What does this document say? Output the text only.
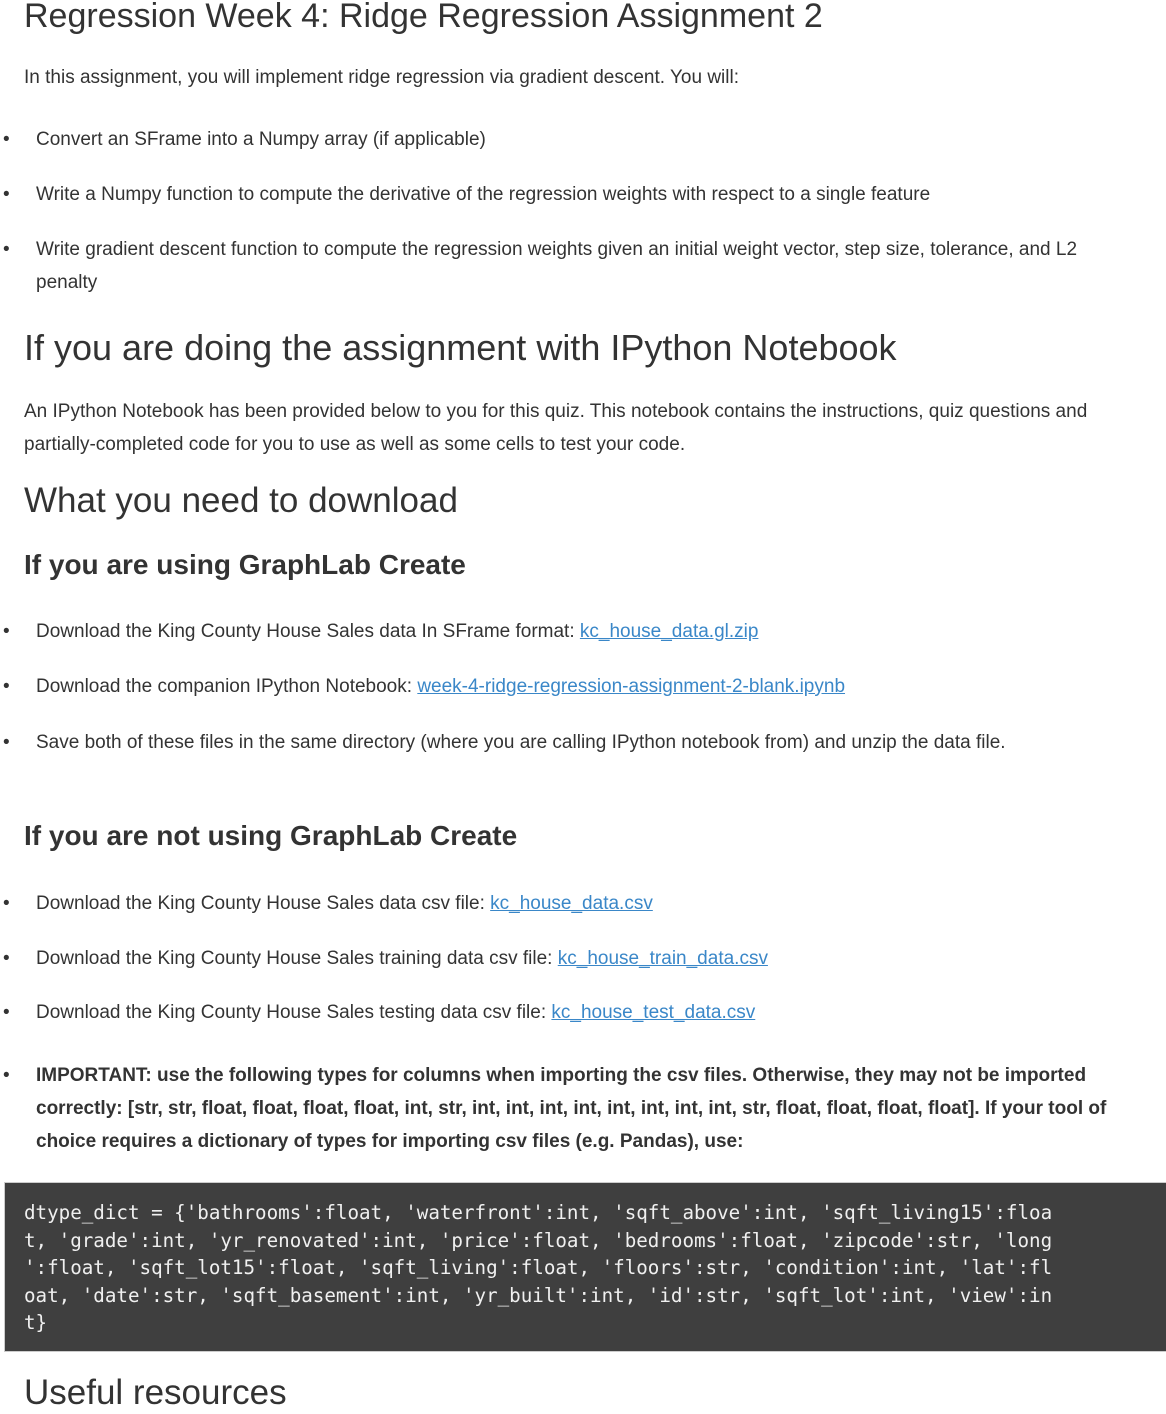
Regression Week 4: Ridge Regression Assignment 2

In this assignment, you will implement ridge regression via gradient descent. You will:

• Convert an SFrame into a Numpy array (if applicable)
• Write a Numpy function to compute the derivative of the regression weights with respect to a single feature
• Write gradient descent function to compute the regression weights given an initial weight vector, step size, tolerance, and L2 penalty
If you are doing the assignment with IPython Notebook

An IPython Notebook has been provided below to you for this quiz. This notebook contains the instructions, quiz questions and partially-completed code for you to use as well as some cells to test your code.

What you need to download
If you are using GraphLab Create
• Download the King County House Sales data In SFrame format: kc_house_data.gl.zip
• Download the companion IPython Notebook: week-4-ridge-regression-assignment-2-blank.ipynb
• Save both of these files in the same directory (where you are calling IPython notebook from) and unzip the data file.
If you are not using GraphLab Create
• Download the King County House Sales data csv file: kc_house_data.csv
• Download the King County House Sales training data csv file: kc_house_train_data.csv
• Download the King County House Sales testing data csv file: kc_house_test_data.csv
• IMPORTANT: use the following types for columns when importing the csv files. Otherwise, they may not be imported correctly: [str, str, float, float, float, float, int, str, int, int, int, int, int, int, int, int, str, float, float, float, float]. If your tool of choice requires a dictionary of types for importing csv files (e.g. Pandas), use:
dtype_dict = {'bathrooms':float, 'waterfront':int, 'sqft_above':int, 'sqft_living15':floa
t, 'grade':int, 'yr_renovated':int, 'price':float, 'bedrooms':float, 'zipcode':str, 'long
':float, 'sqft_lot15':float, 'sqft_living':float, 'floors':str, 'condition':int, 'lat':fl
oat, 'date':str, 'sqft_basement':int, 'yr_built':int, 'id':str, 'sqft_lot':int, 'view':in
t}
Useful resources
